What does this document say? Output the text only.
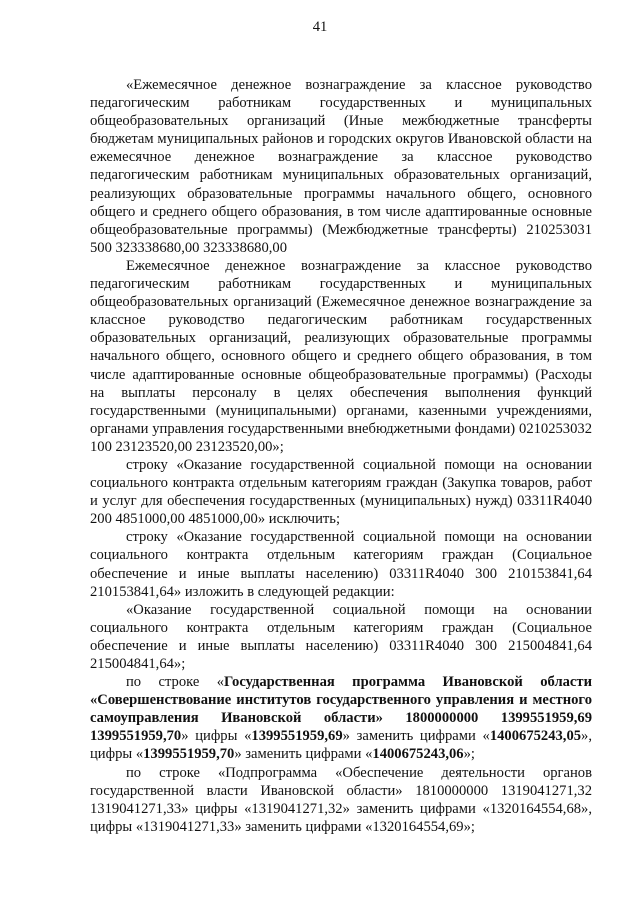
41

«Ежемесячное денежное вознаграждение за классное руководство педагогическим работникам государственных и муниципальных общеобразовательных организаций (Иные межбюджетные трансферты бюджетам муниципальных районов и городских округов Ивановской области на ежемесячное денежное вознаграждение за классное руководство педагогическим работникам муниципальных образовательных организаций, реализующих образовательные программы начального общего, основного общего и среднего общего образования, в том числе адаптированные основные общеобразовательные программы) (Межбюджетные трансферты) 210253031 500 323338680,00 323338680,00

Ежемесячное денежное вознаграждение за классное руководство педагогическим работникам государственных и муниципальных общеобразовательных организаций (Ежемесячное денежное вознаграждение за классное руководство педагогическим работникам государственных образовательных организаций, реализующих образовательные программы начального общего, основного общего и среднего общего образования, в том числе адаптированные основные общеобразовательные программы) (Расходы на выплаты персоналу в целях обеспечения выполнения функций государственными (муниципальными) органами, казенными учреждениями, органами управления государственными внебюджетными фондами) 0210253032 100 23123520,00 23123520,00»;

строку «Оказание государственной социальной помощи на основании социального контракта отдельным категориям граждан (Закупка товаров, работ и услуг для обеспечения государственных (муниципальных) нужд) 03311R4040 200 4851000,00 4851000,00» исключить;

строку «Оказание государственной социальной помощи на основании социального контракта отдельным категориям граждан (Социальное обеспечение и иные выплаты населению) 03311R4040 300 210153841,64 210153841,64» изложить в следующей редакции:

«Оказание государственной социальной помощи на основании социального контракта отдельным категориям граждан (Социальное обеспечение и иные выплаты населению) 03311R4040 300 215004841,64 215004841,64»;

по строке «Государственная программа Ивановской области «Совершенствование институтов государственного управления и местного самоуправления Ивановской области» 1800000000 1399551959,69 1399551959,70» цифры «1399551959,69» заменить цифрами «1400675243,05», цифры «1399551959,70» заменить цифрами «1400675243,06»;

по строке «Подпрограмма «Обеспечение деятельности органов государственной власти Ивановской области» 1810000000 1319041271,32 1319041271,33» цифры «1319041271,32» заменить цифрами «1320164554,68», цифры «1319041271,33» заменить цифрами «1320164554,69»;
